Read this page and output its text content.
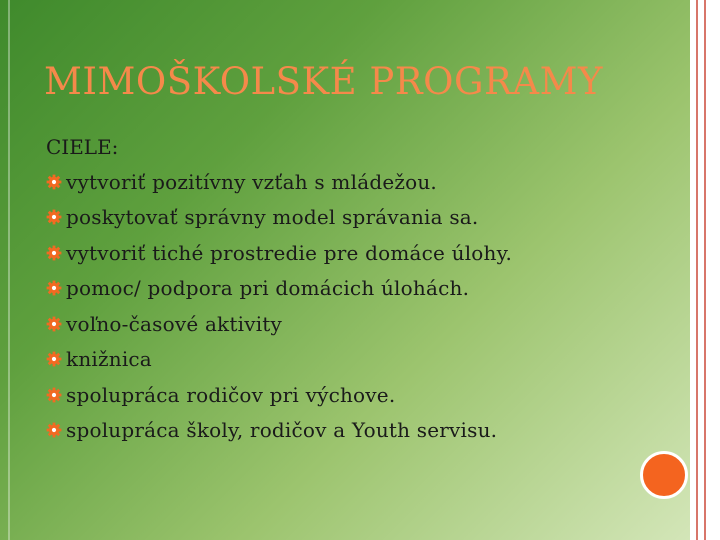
MIMOŠKOLSKÉ PROGRAMY

CIELE:

vytvoriť pozitívny vzťah s mládežou.
poskytovať správny model správania sa.
vytvoriť tiché prostredie pre domáce úlohy.
pomoc/ podpora pri domácich úlohách.
voľno-časové aktivity
knižnica
spolupráca rodičov pri výchove.
spolupráca školy, rodičov a Youth servisu.
